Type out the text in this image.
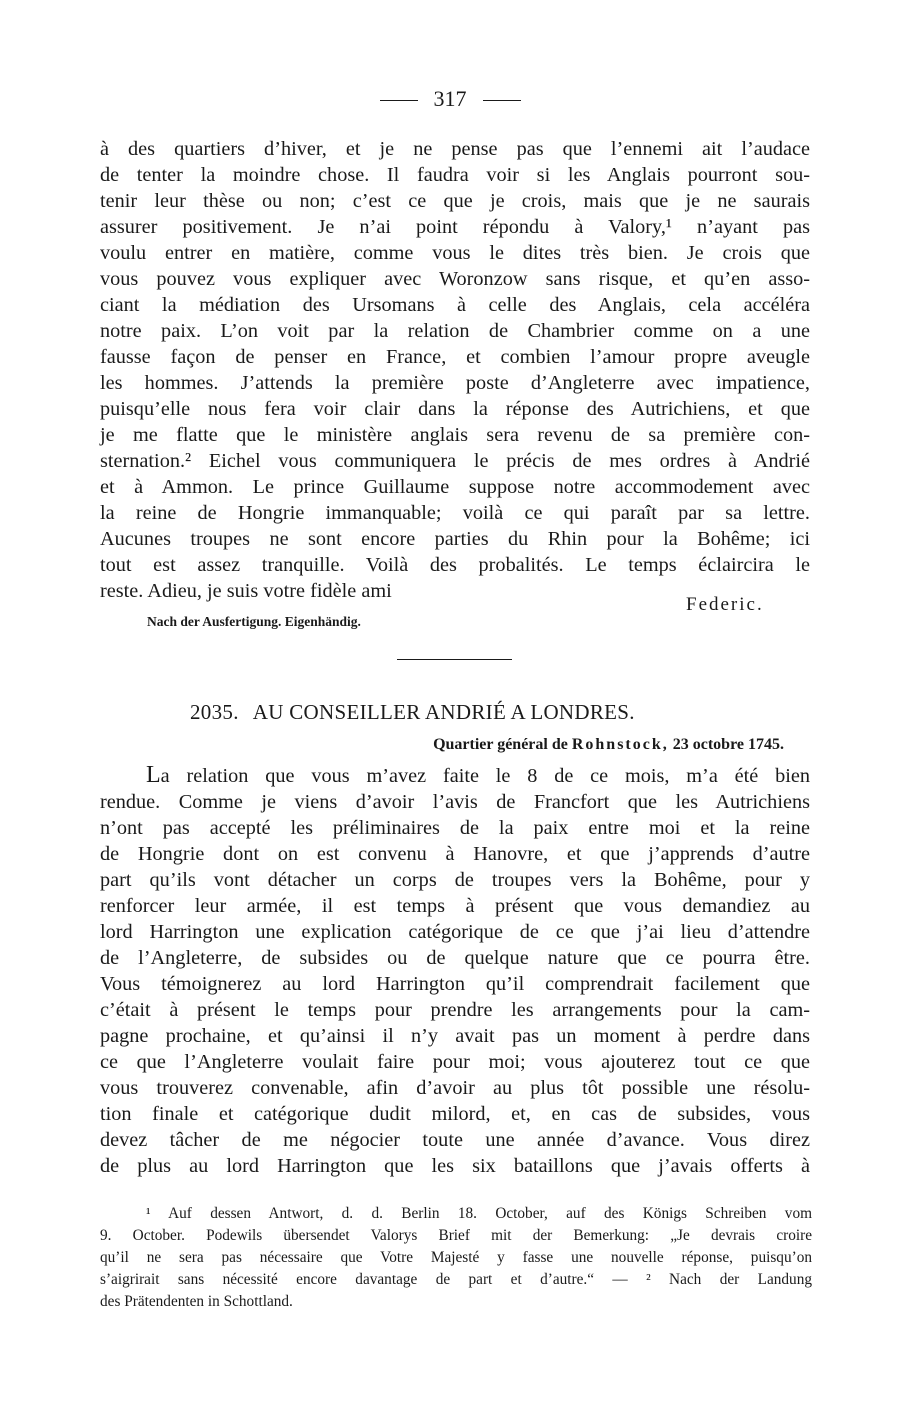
317
à des quartiers d’hiver, et je ne pense pas que l’ennemi ait l’audace
de tenter la moindre chose. Il faudra voir si les Anglais pourront sou-
tenir leur thèse ou non; c’est ce que je crois, mais que je ne saurais
assurer positivement. Je n’ai point répondu à Valory,¹ n’ayant pas
voulu entrer en matière, comme vous le dites très bien. Je crois que
vous pouvez vous expliquer avec Woronzow sans risque, et qu’en asso-
ciant la médiation des Ursomans à celle des Anglais, cela accéléra
notre paix. L’on voit par la relation de Chambrier comme on a une
fausse façon de penser en France, et combien l’amour propre aveugle
les hommes. J’attends la première poste d’Angleterre avec impatience,
puisqu’elle nous fera voir clair dans la réponse des Autrichiens, et que
je me flatte que le ministère anglais sera revenu de sa première con-
sternation.² Eichel vous communiquera le précis de mes ordres à Andrié
et à Ammon. Le prince Guillaume suppose notre accommodement avec
la reine de Hongrie immanquable; voilà ce qui paraît par sa lettre.
Aucunes troupes ne sont encore parties du Rhin pour la Bohême; ici
tout est assez tranquille. Voilà des probalités. Le temps éclaircira le
reste. Adieu, je suis votre fidèle ami
Federic.
Nach der Ausfertigung. Eigenhändig.
2035. AU CONSEILLER ANDRIÉ A LONDRES.
Quartier général de Rohnstock, 23 octobre 1745.
La relation que vous m’avez faite le 8 de ce mois, m’a été bien
rendue. Comme je viens d’avoir l’avis de Francfort que les Autrichiens
n’ont pas accepté les préliminaires de la paix entre moi et la reine
de Hongrie dont on est convenu à Hanovre, et que j’apprends d’autre
part qu’ils vont détacher un corps de troupes vers la Bohême, pour y
renforcer leur armée, il est temps à présent que vous demandiez au
lord Harrington une explication catégorique de ce que j’ai lieu d’attendre
de l’Angleterre, de subsides ou de quelque nature que ce pourra être.
Vous témoignerez au lord Harrington qu’il comprendrait facilement que
c’était à présent le temps pour prendre les arrangements pour la cam-
pagne prochaine, et qu’ainsi il n’y avait pas un moment à perdre dans
ce que l’Angleterre voulait faire pour moi; vous ajouterez tout ce que
vous trouverez convenable, afin d’avoir au plus tôt possible une résolu-
tion finale et catégorique dudit milord, et, en cas de subsides, vous
devez tâcher de me négocier toute une année d’avance. Vous direz
de plus au lord Harrington que les six bataillons que j’avais offerts à
¹ Auf dessen Antwort, d. d. Berlin 18. October, auf des Königs Schreiben vom
9. October. Podewils übersendet Valorys Brief mit der Bemerkung: „Je devrais croire
qu’il ne sera pas nécessaire que Votre Majesté y fasse une nouvelle réponse, puisqu’on
s’aigrirait sans nécessité encore davantage de part et d’autre.“ — ² Nach der Landung
des Prätendenten in Schottland.
